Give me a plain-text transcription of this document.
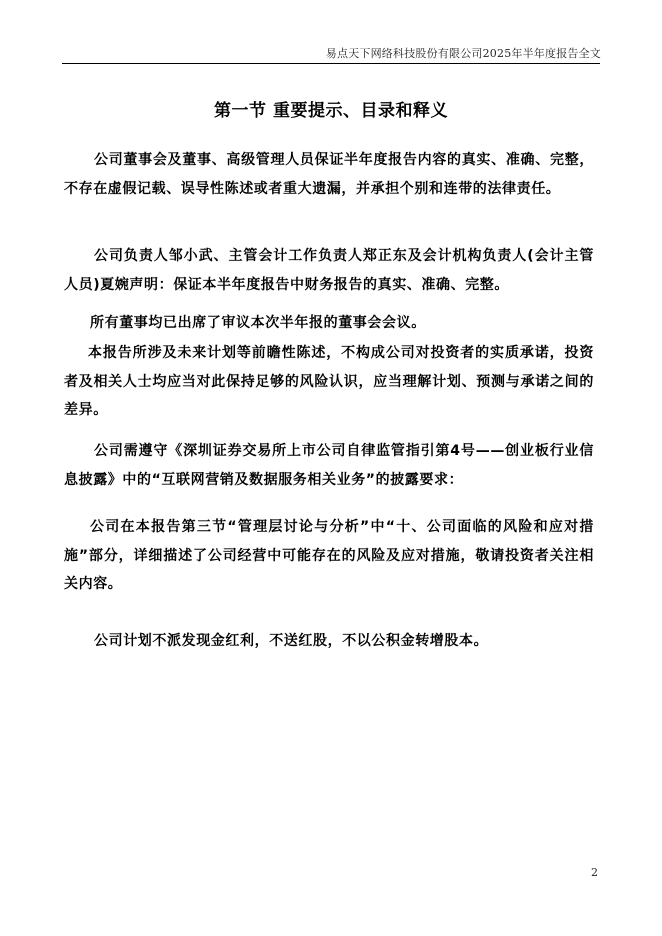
易点天下网络科技股份有限公司2025年半年度报告全文
第一节 重要提示、目录和释义

公司董事会及董事、高级管理人员保证半年度报告内容的真实、准确、完整，不存在虚假记载、误导性陈述或者重大遗漏，并承担个别和连带的法律责任。

公司负责人邹小武、主管会计工作负责人郑正东及会计机构负责人(会计主管人员)夏婉声明：保证本半年度报告中财务报告的真实、准确、完整。

所有董事均已出席了审议本次半年报的董事会会议。

本报告所涉及未来计划等前瞻性陈述，不构成公司对投资者的实质承诺，投资者及相关人士均应当对此保持足够的风险认识，应当理解计划、预测与承诺之间的差异。

公司需遵守《深圳证券交易所上市公司自律监管指引第4号——创业板行业信息披露》中的“互联网营销及数据服务相关业务”的披露要求：

公司在本报告第三节“管理层讨论与分析”中“十、公司面临的风险和应对措施”部分，详细描述了公司经营中可能存在的风险及应对措施，敬请投资者关注相关内容。

公司计划不派发现金红利，不送红股，不以公积金转增股本。

2
